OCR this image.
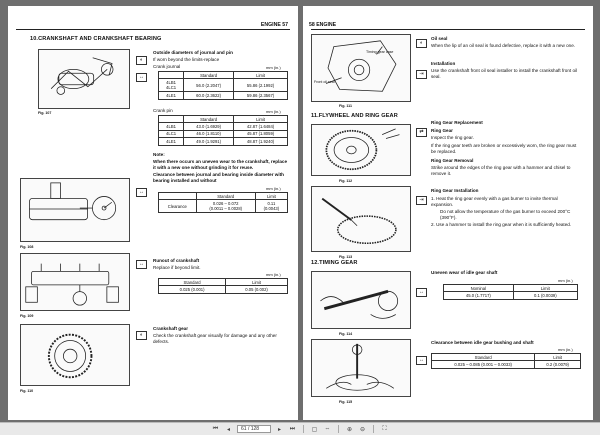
ENGINE 57
10.CRANKSHAFT AND CRANKSHAFT BEARING
Fig. 107
◐
↔
Outside diameters of journal and pin
If worn beyond the limits-replace
Crank journal	mm (in.)
	Standard	Limit
4LB1
4LC1	56.0 (2.2047)	55.86 (2.1992)
4LE1	60.0 (2.3622)	59.86 (2.3567)
Crank pin	mm (in.)
	Standard	Limit
4LB1	43.0 (1.6929)	42.87 (1.6484)
4LC1	46.0 (1.8110)	45.87 (1.8059)
4LE1	49.0 (1.9291)	48.87 (1.9240)
Note:
When there occurs an uneven wear to the crankshaft, replace it with a new one without grinding it for reuse.
Clearance between journal and bearing inside diameter with bearing installed and without
Fig. 108
↔
mm (in.)
	Standard	Limit
Clearance	0.026 – 0.072
(0.0011 – 0.0028)	0.11
(0.0043)
Fig. 109
↔
Runout of crankshaft
Replace if beyond limit.
mm (in.)
Standard	Limit
0.025 (0.001)	0.05 (0.002)
Fig. 110
◐
Crankshaft gear
Check the crankshaft gear visually for damage and any other defects.
58 ENGINE
Timing gear case
Front oil seal
Fig. 111
◐
⇥
Oil seal
When the lip of an oil seal is found defective, replace it with a new one.
Installation
Use the crankshaft front oil seal installer to install the crankshaft front oil seal.
11.FLYWHEEL AND RING GEAR
Fig. 112
⇄
Ring Gear Replacement
Ring Gear
Inspect the ring gear.
If the ring gear teeth are broken or excessively worn, the ring gear must be replaced.
Ring Gear Removal
Strike around the edges of the ring gear with a hammer and chisel to remove it.
Fig. 113
⇥
Ring Gear Installation
1. Heat the ring gear evenly with a gas burner to invite thermal expansion.
Do not allow the temperature of the gas burner to exceed 200°C (390°F).
2. Use a hammer to install the ring gear when it is sufficiently heated.
12.TIMING GEAR
Fig. 114
↔
Uneven wear of idle gear shaft
mm (in.)
Nominal	Limit
45.0 (1.7717)	0.1 (0.0039)
Fig. 115
↔
Clearance between idle gear bushing and shaft
mm (in.)
Standard	Limit
0.025 – 0.085 (0.001 – 0.0033)	0.2 (0.0079)
⏮	◂	61 / 128	▸	⏭	▢ ⇔	⊕	⊖	⛶
